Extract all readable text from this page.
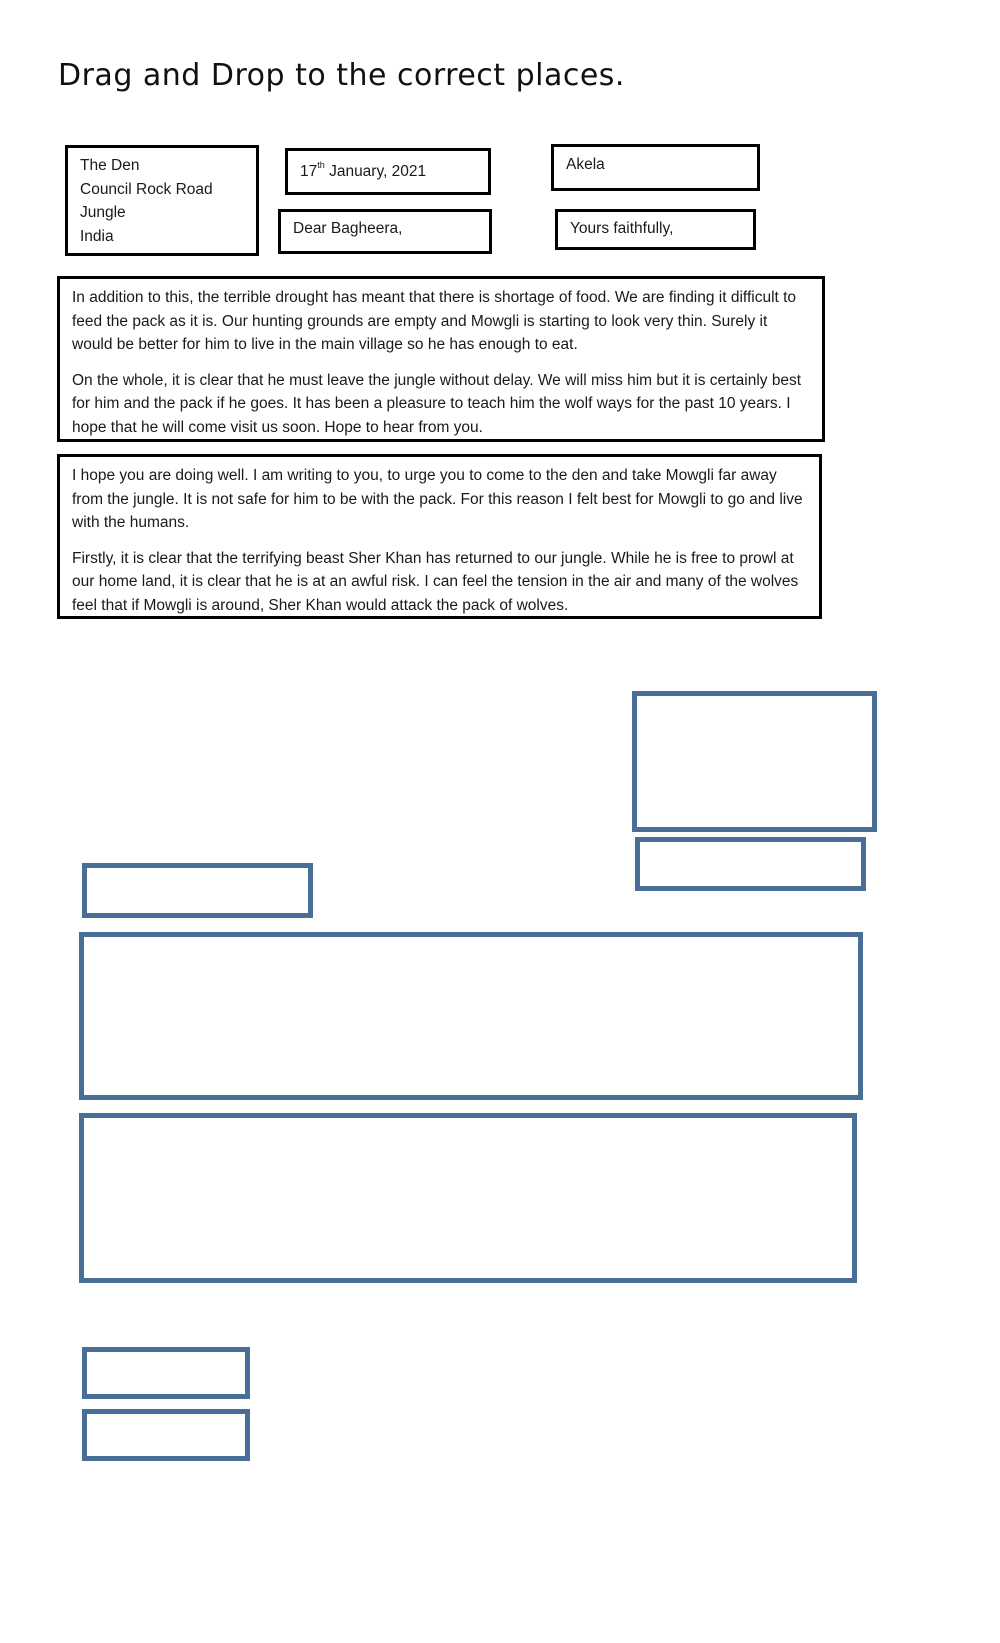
Drag and Drop to the correct places.
The Den
Council Rock Road
Jungle
India
17th January, 2021	Akela
Dear Bagheera,	Yours faithfully,

In addition to this, the terrible drought has meant that there is shortage of food. We are finding it difficult to feed the pack as it is. Our hunting grounds are empty and Mowgli is starting to look very thin. Surely it would be better for him to live in the main village so he has enough to eat.

On the whole, it is clear that he must leave the jungle without delay. We will miss him but it is certainly best for him and the pack if he goes. It has been a pleasure to teach him the wolf ways for the past 10 years. I hope that he will come visit us soon. Hope to hear from you.

I hope you are doing well. I am writing to you, to urge you to come to the den and take Mowgli far away from the jungle. It is not safe for him to be with the pack. For this reason I felt best for Mowgli to go and live with the humans.

Firstly, it is clear that the terrifying beast Sher Khan has returned to our jungle. While he is free to prowl at our home land, it is clear that he is at an awful risk. I can feel the tension in the air and many of the wolves feel that if Mowgli is around, Sher Khan would attack the pack of wolves.
